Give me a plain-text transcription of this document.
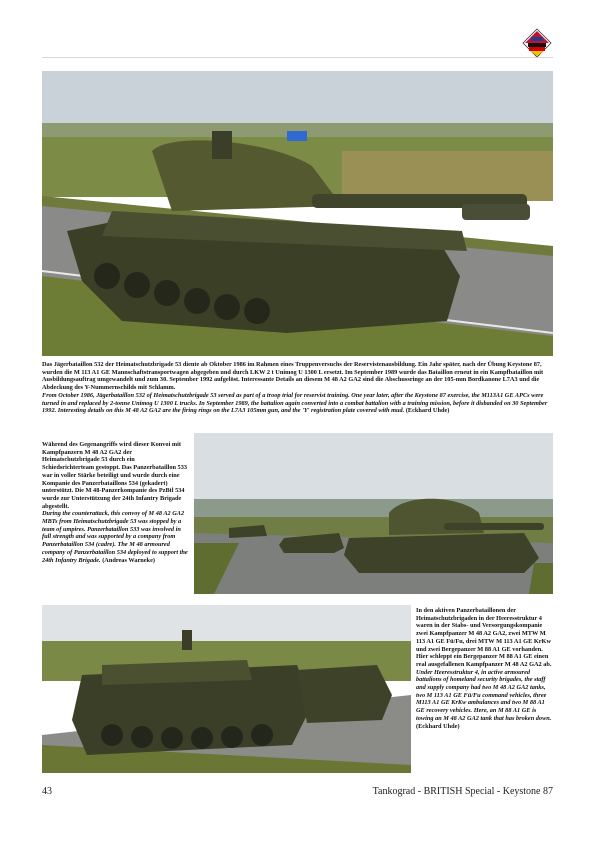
Das Jägerbataillon 532 der Heimatschutzbrigade 53 diente ab Oktober 1986 im Rahmen eines Truppenversuchs der Reservistenausbildung. Ein Jahr später, nach der Übung Keystone 87, wurden die M 113 A1 GE Mannschaftstransportwagen abgegeben und durch LKW 2 t Unimog U 1300 L ersetzt. Im September 1989 wurde das Bataillon erneut in ein Kampfbataillon mit Ausbildungsauftrag umgewandelt und zum 30. September 1992 aufgelöst. Interessante Details an diesem M 48 A2 GA2 sind die Abschussringe an der 105-mm Bordkanone L7A3 und die Abdeckung des Y-Nummernschilds mit Schlamm.

From October 1986, Jägerbataillon 532 of Heimatschutzbrigade 53 served as part of a troop trial for reservist training. One year later, after the Keystone 87 exercise, the M113A1 GE APCs were turned in and replaced by 2-tonne Unimog U 1300 L trucks. In September 1989, the battalion again converted into a combat battalion with a training mission, before it disbanded on 30 September 1992. Interesting details on this M 48 A2 GA2 are the firing rings on the L7A3 105mm gun, and the 'Y' registration plate covered with mud. (Eckhard Uhde)

Während des Gegenangriffs wird dieser Konvoi mit Kampfpanzern M 48 A2 GA2 der Heimatschutzbrigade 53 durch ein Schiedsrichterteam gestoppt. Das Panzerbataillon 533 war in voller Stärke beteiligt und wurde durch eine Kompanie des Panzerbataillons 534 (gekadert) unterstützt. Die M 48-Panzerkompanie des PzBtl 534 wurde zur Unterstützung der 24th Infantry Brigade abgestellt.

During the counterattack, this convoy of M 48 A2 GA2 MBTs from Heimatschutzbrigade 53 was stopped by a team of umpires. Panzerbataillon 533 was involved in full strength and was supported by a company from Panzerbataillon 534 (cadre). The M 48 armoured company of Panzerbataillon 534 deployed to support the 24th Infantry Brigade. (Andreas Warneke)

In den aktiven Panzerbataillonen der Heimatschutzbrigaden in der Heeresstruktur 4 waren in der Stabs- und Versorgungskompanie zwei Kampfpanzer M 48 A2 GA2, zwei MTW M 113 A1 GE Fü/Fu, drei MTW M 113 A1 GE KrKw und zwei Bergepanzer M 88 A1 GE vorhanden. Hier schleppt ein Bergepanzer M 88 A1 GE einen real ausgefallenen Kampfpanzer M 48 A2 GA2 ab.

Under Heeresstruktur 4, in active armoured battalions of homeland security brigades, the staff and supply company had two M 48 A2 GA2 tanks, two M 113 A1 GE Fü/Fu command vehicles, three M113 A1 GE KrKw ambulances and two M 88 A1 GE recovery vehicles. Here, an M 88 A1 GE is towing an M 48 A2 GA2 tank that has broken down. (Eckhard Uhde)

43	Tankograd - BRITISH Special - Keystone 87
